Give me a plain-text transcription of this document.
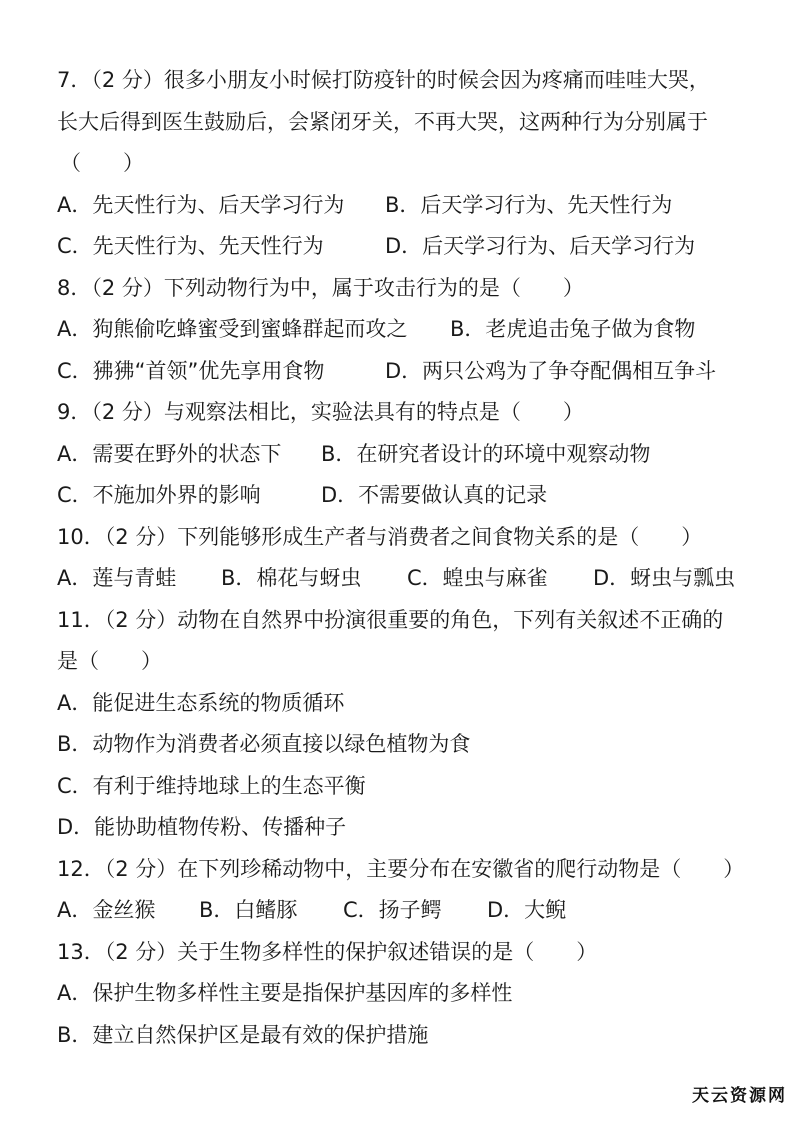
7．（2 分）很多小朋友小时候打防疫针的时候会因为疼痛而哇哇大哭，
长大后得到医生鼓励后，会紧闭牙关，不再大哭，这两种行为分别属于
（　　）
A．先天性行为、后天学习行为 B．后天学习行为、先天性行为
C．先天性行为、先天性行为	D．后天学习行为、后天学习行为
8．（2 分）下列动物行为中，属于攻击行为的是（　　）
A．狗熊偷吃蜂蜜受到蜜蜂群起而攻之 B．老虎追击兔子做为食物
C．狒狒“首领”优先享用食物	D．两只公鸡为了争夺配偶相互争斗
9．（2 分）与观察法相比，实验法具有的特点是（　　）
A．需要在野外的状态下 B．在研究者设计的环境中观察动物
C．不施加外界的影响	D．不需要做认真的记录
10．（2 分）下列能够形成生产者与消费者之间食物关系的是（　　）
A．莲与青蛙 B．棉花与蚜虫 C．蝗虫与麻雀 D．蚜虫与瓢虫
11．（2 分）动物在自然界中扮演很重要的角色，下列有关叙述不正确的
是（　　）
A．能促进生态系统的物质循环
B．动物作为消费者必须直接以绿色植物为食
C．有利于维持地球上的生态平衡
D．能协助植物传粉、传播种子
12．（2 分）在下列珍稀动物中，主要分布在安徽省的爬行动物是（　　）
A．金丝猴 B．白鳍豚 C．扬子鳄 D．大鲵
13．（2 分）关于生物多样性的保护叙述错误的是（　　）
A．保护生物多样性主要是指保护基因库的多样性
B．建立自然保护区是最有效的保护措施
天云资源网
